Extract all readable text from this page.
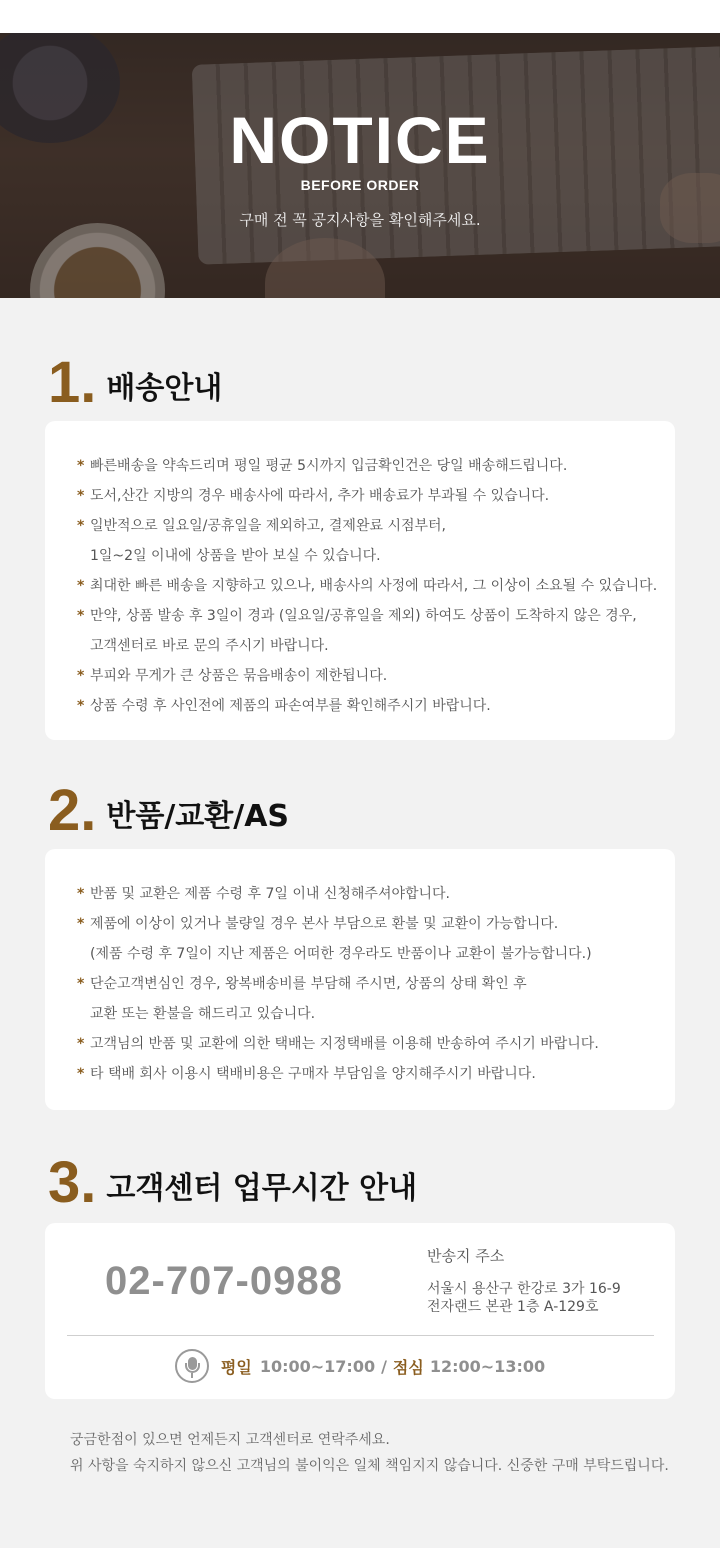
NOTICE
BEFORE ORDER
구매 전 꼭 공지사항을 확인해주세요.
1. 배송안내
* 빠른배송을 약속드리며 평일 평균 5시까지 입금확인건은 당일 배송해드립니다.
* 도서,산간 지방의 경우 배송사에 따라서, 추가 배송료가 부과될 수 있습니다.
* 일반적으로 일요일/공휴일을 제외하고, 결제완료 시점부터,
1일~2일 이내에 상품을 받아 보실 수 있습니다.
* 최대한 빠른 배송을 지향하고 있으나, 배송사의 사정에 따라서, 그 이상이 소요될 수 있습니다.
* 만약, 상품 발송 후 3일이 경과 (일요일/공휴일을 제외) 하여도 상품이 도착하지 않은 경우,
고객센터로 바로 문의 주시기 바랍니다.
* 부피와 무게가 큰 상품은 묶음배송이 제한됩니다.
* 상품 수령 후 사인전에 제품의 파손여부를 확인해주시기 바랍니다.
2. 반품/교환/AS
* 반품 및 교환은 제품 수령 후 7일 이내 신청해주셔야합니다.
* 제품에 이상이 있거나 불량일 경우 본사 부담으로 환불 및 교환이 가능합니다.
(제품 수령 후 7일이 지난 제품은 어떠한 경우라도 반품이나 교환이 불가능합니다.)
* 단순고객변심인 경우, 왕복배송비를 부담해 주시면, 상품의 상태 확인 후
교환 또는 환불을 해드리고 있습니다.
* 고객님의 반품 및 교환에 의한 택배는 지정택배를 이용해 반송하여 주시기 바랍니다.
* 타 택배 회사 이용시 택배비용은 구매자 부담임을 양지해주시기 바랍니다.
3. 고객센터 업무시간 안내
02-707-0988
반송지 주소
서울시 용산구 한강로 3가 16-9
전자랜드 본관 1층 A-129호
평일 10:00~17:00 / 점심 12:00~13:00
궁금한점이 있으면 언제든지 고객센터로 연락주세요.
위 사항을 숙지하지 않으신 고객님의 불이익은 일체 책임지지 않습니다. 신중한 구매 부탁드립니다.
